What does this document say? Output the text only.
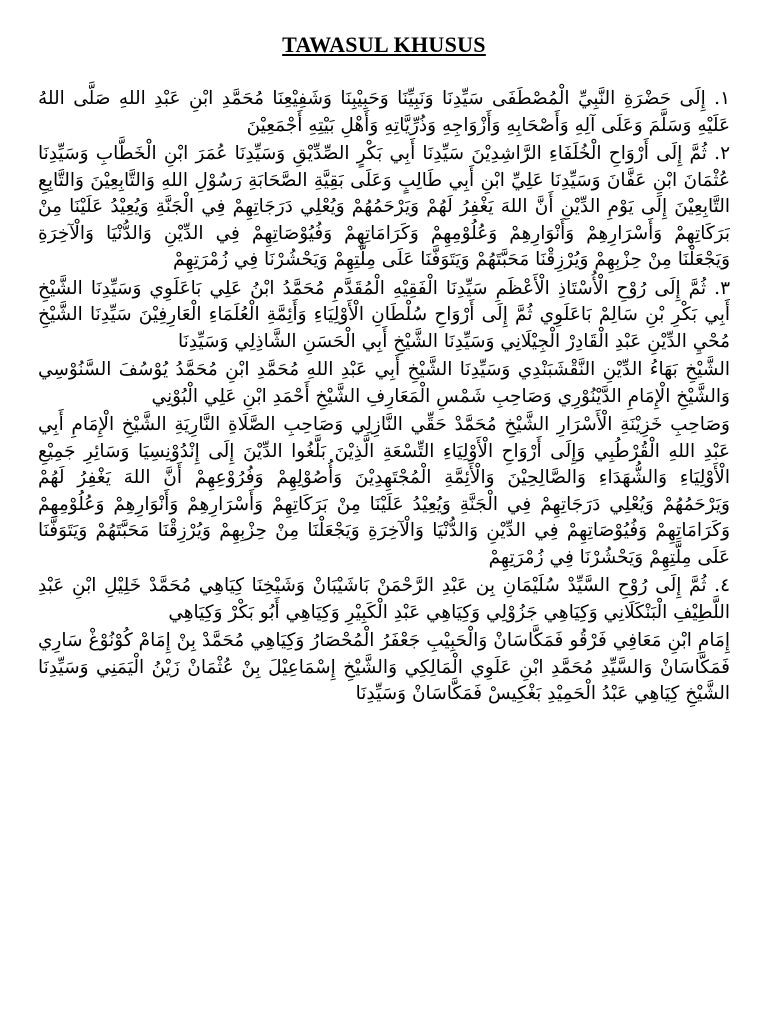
TAWASUL KHUSUS

١. إِلَى حَضْرَةِ النَّبِيِّ الْمُصْطَفَى سَيِّدِنَا وَنَبِيِّنَا وَحَبِيْبِنَا وَشَفِيْعِنَا مُحَمَّدِ ابْنِ عَبْدِ اللهِ صَلَّى اللهُ عَلَيْهِ وَسَلَّمَ وَعَلَى آلِهِ وَأَصْحَابِهِ وَأَزْوَاجِهِ وَذُرِّيَّاتِهِ وَأَهْلِ بَيْتِهِ أَجْمَعِيْنَ

٢. ثُمَّ إِلَى أَرْوَاحِ الْخُلَفَاءِ الرَّاشِدِيْنَ سَيِّدِنَا أَبِي بَكْرٍ الصِّدِّيْقِ وَسَيِّدِنَا عُمَرَ ابْنِ الْخَطَّابِ وَسَيِّدِنَا عُثْمَانَ ابْنِ عَفَّانَ وَسَيِّدِنَا عَلِيِّ ابْنِ أَبِي طَالِبٍ وَعَلَى بَقِيَّةِ الصَّحَابَةِ رَسُوْلِ اللهِ وَالتَّابِعِيْنَ وَالتَّابِعِ التَّابِعِيْنَ إِلَى يَوْمِ الدِّيْنِ أَنَّ اللهَ يَغْفِرُ لَهُمْ وَيَرْحَمُهُمْ وَيُعْلِي دَرَجَاتِهِمْ فِي الْجَنَّةِ وَيُعِيْدُ عَلَيْنَا مِنْ بَرَكَاتِهِمْ وَأَسْرَارِهِمْ وَأَنْوَارِهِمْ وَعُلُوْمِهِمْ وَكَرَامَاتِهِمْ وَفُيُوْصَاتِهِمْ فِي الدِّيْنِ وَالدُّنْيَا وَالْآخِرَةِ وَيَجْعَلْنَا مِنْ حِزْبِهِمْ وَيُرْزِقْنَا مَحَبَّتَهُمْ وَيَتَوَفَّنَا عَلَى مِلَّتِهِمْ وَيَحْشُرْنَا فِي زُمْرَتِهِمْ

٣. ثُمَّ إِلَى رُوْحِ الْأُسْتَاذِ الْأَعْظَمِ سَيِّدِنَا الْفَقِيْهِ الْمُقَدَّمِ مُحَمَّدُ ابْنُ عَلِي بَاعَلَوِي وَسَيِّدِنَا الشَّيْخِ أَبِي بَكْرِ بْنِ سَالِمْ بَاعَلَوِي ثُمَّ إِلَى أَرْوَاحِ سُلْطَانِ الْأَوْلِيَاءِ وَأَئِمَّةِ الْعُلَمَاءِ الْعَارِفِيْنَ سَيِّدِنَا الشَّيْخِ مُحْيِ الدِّيْنِ عَبْدِ الْقَادِرْ الْجِيْلَانِي وَسَيِّدِنَا الشَّيْخِ أَبِي الْحَسَنِ الشَّاذِلِي وَسَيِّدِنَا

الشَّيْخِ بَهَاءُ الدِّيْنِ النَّقْشَبَنْدِي وَسَيِّدِنَا الشَّيْخِ أَبِي عَبْدِ اللهِ مُحَمَّدِ ابْنِ مُحَمَّدُ يُوْسُفَ السَّنُوْسِي وَالشَّيْخِ الْإِمَامِ الدَّيْنُوْرِي وَصَاحِبِ شَمْسِ الْمَعَارِفِ الشَّيْخِ أَحْمَدِ ابْنِ عَلِي الْبُوْنِي

وَصَاحِبِ خَزِيْنَةِ الْأَسْرَارِ الشَّيْخِ مُحَمَّدْ حَقِّي النَّازِلِي وَصَاحِبِ الصَّلَاةِ النَّارِيَةِ الشَّيْخِ الْإِمَامِ أَبِي عَبْدِ اللهِ الْقُرْطُبِي وَإِلَى أَرْوَاحِ الْأَوْلِيَاءِ التِّسْعَةِ الَّذِيْنَ بَلَّغُوا الدِّيْنَ إِلَى إِنْدُوْنِسِيَا وَسَائِرِ جَمِيْعِ الْأَوْلِيَاءِ وَالشُّهَدَاءِ وَالصَّالِحِيْنَ وَالْأَئِمَّةِ الْمُجْتَهِدِيْنَ وَأُصُوْلِهِمْ وَفُرُوْعِهِمْ أَنَّ اللهَ يَغْفِرُ لَهُمْ وَيَرْحَمُهُمْ وَيُعْلِي دَرَجَاتِهِمْ فِي الْجَنَّةِ وَيُعِيْدُ عَلَيْنَا مِنْ بَرَكَاتِهِمْ وَأَسْرَارِهِمْ وَأَنْوَارِهِمْ وَعُلُوْمِهِمْ وَكَرَامَاتِهِمْ وَفُيُوْصَاتِهِمْ فِي الدِّيْنِ وَالدُّنْيَا وَالْآخِرَةِ وَيَجْعَلْنَا مِنْ حِزْبِهِمْ وَيُرْزِقْنَا مَحَبَّتَهُمْ وَيَتَوَفَّنَا عَلَى مِلَّتِهِمْ وَيَحْشُرْنَا فِي زُمْرَتِهِمْ

٤. ثُمَّ إِلَى رُوْحِ السَّيِّدْ سُلَيْمَانِ بِن عَبْدِ الرَّحْمَنْ بَاشَيْبَانْ وَشَيْخِنَا كِيَاهِي مُحَمَّدْ خَلِيْلِ ابْنِ عَبْدِ اللَّطِيْفِ الْبَنْكَلَانِي وَكِيَاهِي جَزُوْلِي وَكِيَاهِي عَبْدِ الْكَبِيْرِ وَكِيَاهِي أَبُو بَكْرْ وَكِيَاهِي

إِمَامِ ابْنِ مَعَافِي فَرْقُو فَمَكَّاسَانْ وَالْحَبِيْبِ جَعْفَرُ الْمُحْصَارُ وَكِيَاهِي مُحَمَّدْ بِنْ إِمَامْ كُوْنُوْغْ سَارِي فَمَكَّاسَانْ وَالسَّيِّدِ مُحَمَّدِ ابْنِ عَلَوِي الْمَالِكِي وَالشَّيْخِ إِسْمَاعِيْلَ بِنْ عُثْمَانْ زَيْنُ الْيَمَنِي وَسَيِّدِنَا الشَّيْخِ كِيَاهِي عَبْدُ الْحَمِيْدِ بَغْكِيسْ فَمَكَّاسَانْ وَسَيِّدِنَا
